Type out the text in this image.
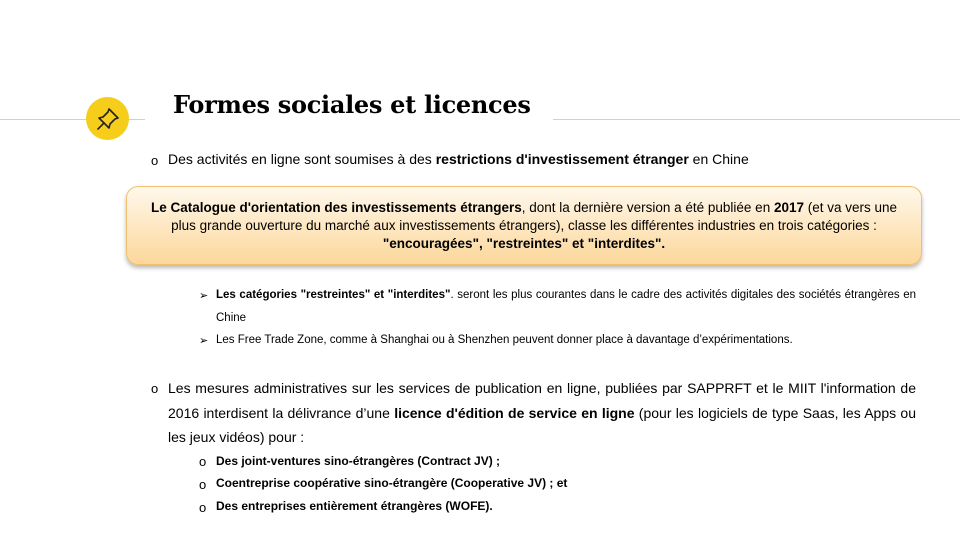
Formes sociales et licences
o Des activités en ligne sont soumises à des restrictions d'investissement étranger en Chine

Le Catalogue d'orientation des investissements étrangers, dont la dernière version a été publiée en 2017 (et va vers une plus grande ouverture du marché aux investissements étrangers), classe les différentes industries en trois catégories : "encouragées", "restreintes" et "interdites".

➢ Les catégories "restreintes" et "interdites". seront les plus courantes dans le cadre des activités digitales des sociétés étrangères en Chine
➢ Les Free Trade Zone, comme à Shanghai ou à Shenzhen peuvent donner place à davantage d’expérimentations.
o Les mesures administratives sur les services de publication en ligne, publiées par SAPPRFT et le MIIT l'information de 2016 interdisent la délivrance d’une licence d'édition de service en ligne (pour les logiciels de type Saas, les Apps ou les jeux vidéos) pour :

o Des joint-ventures sino-étrangères (Contract JV) ;
o Coentreprise coopérative sino-étrangère (Cooperative JV) ; et
o Des entreprises entièrement étrangères (WOFE).
